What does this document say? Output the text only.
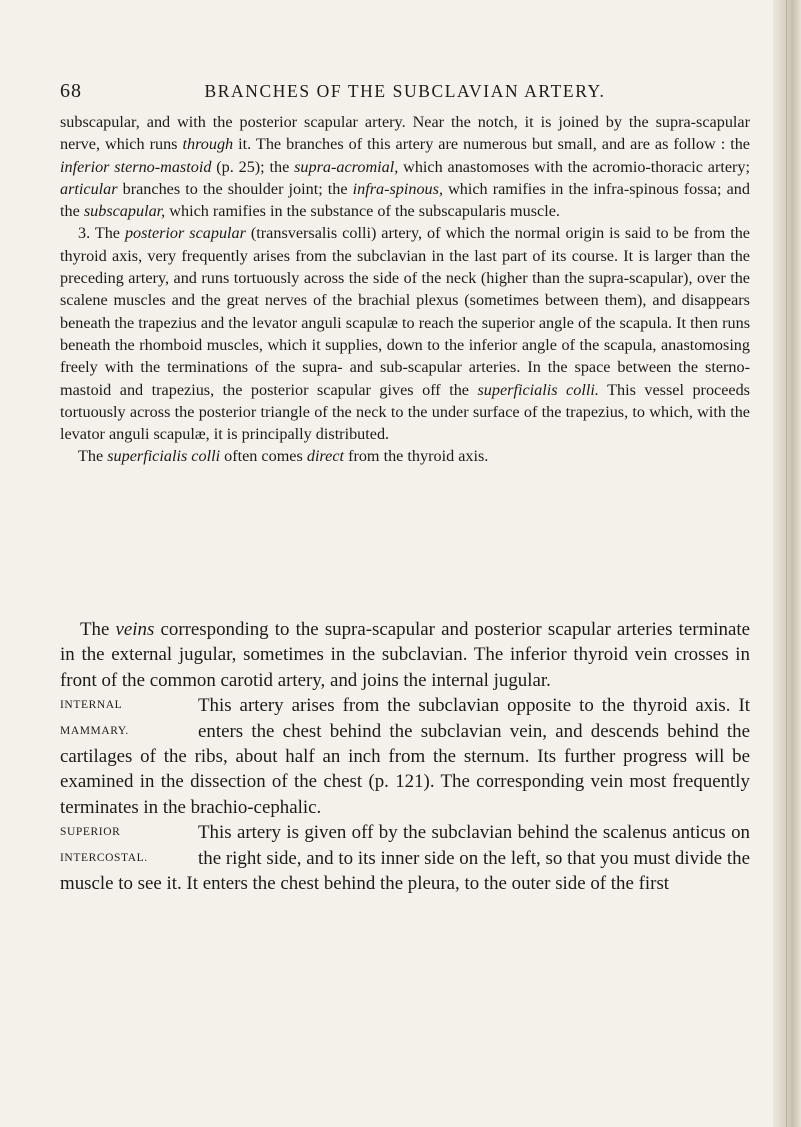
68	BRANCHES OF THE SUBCLAVIAN ARTERY.

subscapular, and with the posterior scapular artery. Near the notch, it is joined by the supra-scapular nerve, which runs through it. The branches of this artery are numerous but small, and are as follow : the inferior sterno-mastoid (p. 25); the supra-acromial, which anastomoses with the acromio-thoracic artery; articular branches to the shoulder joint; the infra-spinous, which ramifies in the infra-spinous fossa; and the subscapular, which ramifies in the substance of the subscapularis muscle.

3. The posterior scapular (transversalis colli) artery, of which the normal origin is said to be from the thyroid axis, very frequently arises from the subclavian in the last part of its course. It is larger than the preceding artery, and runs tortuously across the side of the neck (higher than the supra-scapular), over the scalene muscles and the great nerves of the brachial plexus (sometimes between them), and disappears beneath the trapezius and the levator anguli scapulæ to reach the superior angle of the scapula. It then runs beneath the rhomboid muscles, which it supplies, down to the inferior angle of the scapula, anastomosing freely with the terminations of the supra- and sub-scapular arteries. In the space between the sterno-mastoid and trapezius, the posterior scapular gives off the superficialis colli. This vessel proceeds tortuously across the posterior triangle of the neck to the under surface of the trapezius, to which, with the levator anguli scapulæ, it is principally distributed.

The superficialis colli often comes direct from the thyroid axis.

The veins corresponding to the supra-scapular and posterior scapular arteries terminate in the external jugular, sometimes in the subclavian. The inferior thyroid vein crosses in front of the common carotid artery, and joins the internal jugular.

INTERNAL
MAMMARY.
This artery arises from the subclavian opposite to the thyroid axis. It enters the chest behind the subclavian vein, and descends behind the cartilages of the ribs, about half an inch from the sternum. Its further progress will be examined in the dissection of the chest (p. 121). The corresponding vein most frequently terminates in the brachio-cephalic.

SUPERIOR
INTERCOSTAL.
This artery is given off by the subclavian behind the scalenus anticus on the right side, and to its inner side on the left, so that you must divide the muscle to see it. It enters the chest behind the pleura, to the outer side of the first
